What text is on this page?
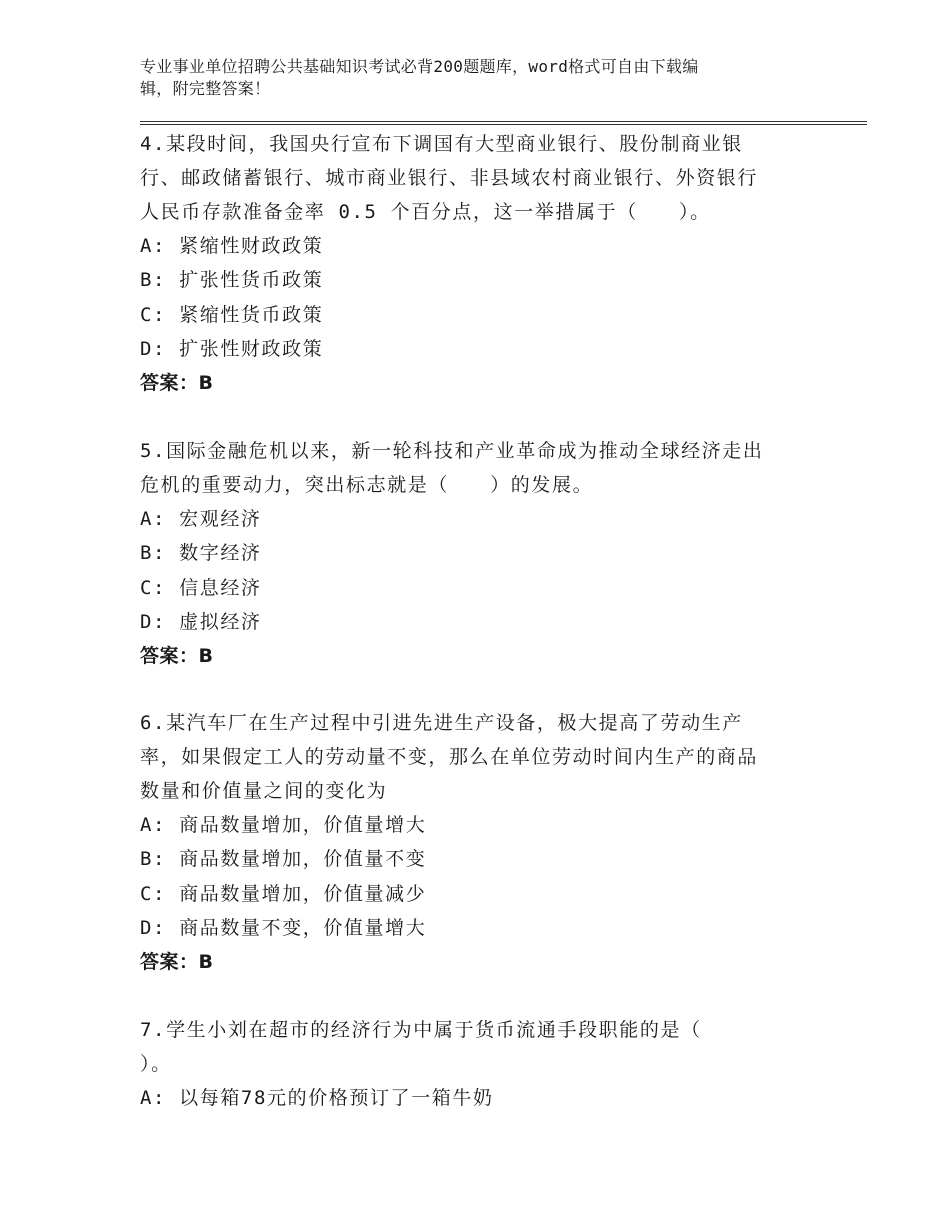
专业事业单位招聘公共基础知识考试必背200题题库，word格式可自由下载编
辑，附完整答案！

4.某段时间，我国央行宣布下调国有大型商业银行、股份制商业银

行、邮政储蓄银行、城市商业银行、非县域农村商业银行、外资银行

人民币存款准备金率 0.5 个百分点，这一举措属于（　　）。

A: 紧缩性财政政策

B: 扩张性货币政策

C: 紧缩性货币政策

D: 扩张性财政政策

答案：B

5.国际金融危机以来，新一轮科技和产业革命成为推动全球经济走出

危机的重要动力，突出标志就是（　　）的发展。

A: 宏观经济

B: 数字经济

C: 信息经济

D: 虚拟经济

答案：B

6.某汽车厂在生产过程中引进先进生产设备，极大提高了劳动生产

率，如果假定工人的劳动量不变，那么在单位劳动时间内生产的商品

数量和价值量之间的变化为

A: 商品数量增加，价值量增大

B: 商品数量增加，价值量不变

C: 商品数量增加，价值量减少

D: 商品数量不变，价值量增大

答案：B

7.学生小刘在超市的经济行为中属于货币流通手段职能的是（

）。

A: 以每箱78元的价格预订了一箱牛奶
